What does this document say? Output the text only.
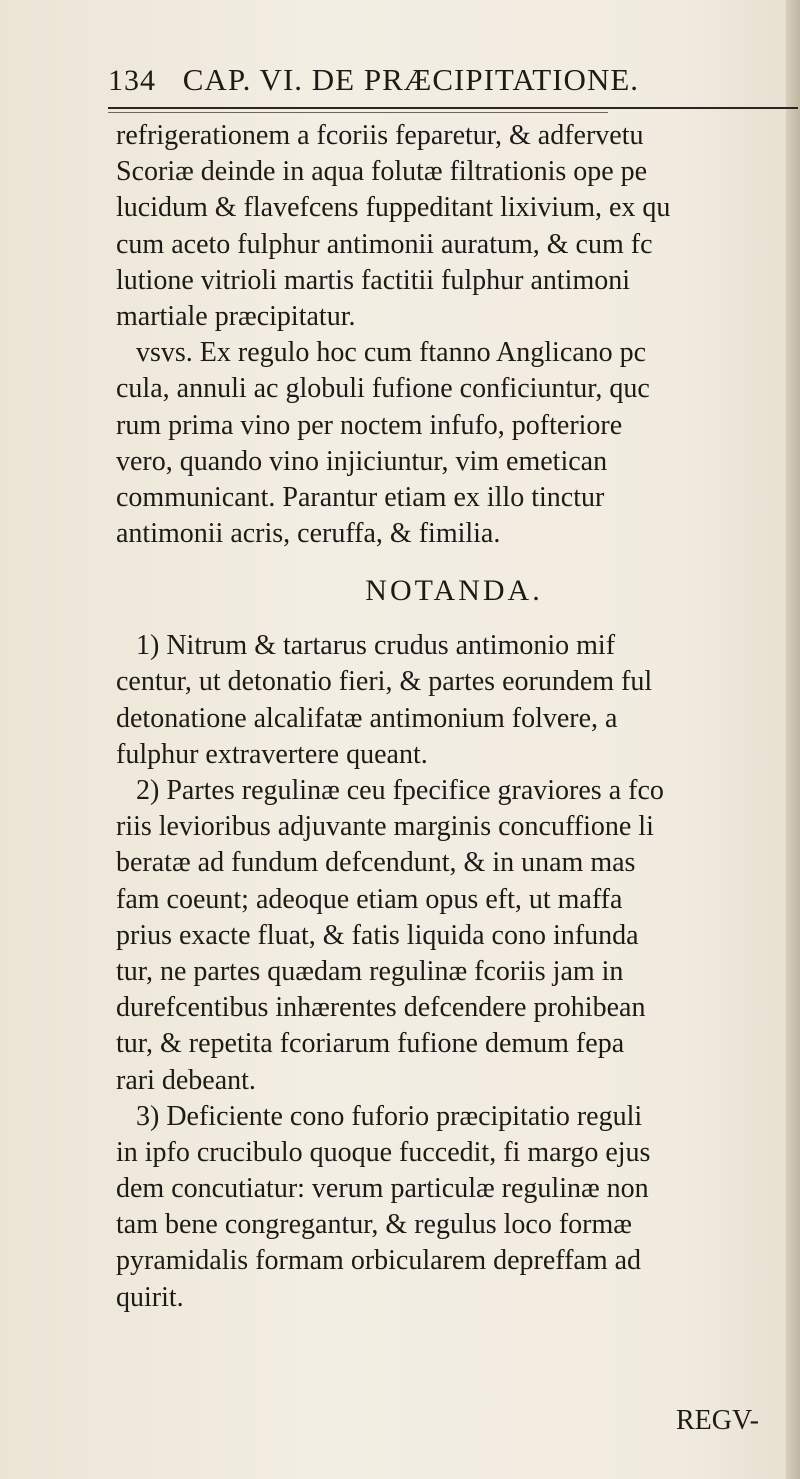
134 CAP. VI. DE PRÆCIPITATIONE.
refrigerationem a fcoriis feparetur, & adfervetu
Scoriæ deinde in aqua folutæ filtrationis ope pe
lucidum & flavefcens fuppeditant lixivium, ex qu
cum aceto fulphur antimonii auratum, & cum fc
lutione vitrioli martis factitii fulphur antimoni
martiale præcipitatur.
vsvs. Ex regulo hoc cum ftanno Anglicano pc
cula, annuli ac globuli fufione conficiuntur, quc
rum prima vino per noctem infufo, pofteriore
vero, quando vino injiciuntur, vim emetican
communicant. Parantur etiam ex illo tinctur
antimonii acris, ceruffa, & fimilia.
NOTANDA.
1) Nitrum & tartarus crudus antimonio mif
centur, ut detonatio fieri, & partes eorundem ful
detonatione alcalifatæ antimonium folvere, a
fulphur extravertere queant.
2) Partes regulinæ ceu fpecifice graviores a fco
riis levioribus adjuvante marginis concuffione li
beratæ ad fundum defcendunt, & in unam mas
fam coeunt; adeoque etiam opus eft, ut maffa
prius exacte fluat, & fatis liquida cono infunda
tur, ne partes quædam regulinæ fcoriis jam in
durefcentibus inhærentes defcendere prohibean
tur, & repetita fcoriarum fufione demum fepa
rari debeant.
3) Deficiente cono fuforio præcipitatio reguli
in ipfo crucibulo quoque fuccedit, fi margo ejus
dem concutiatur: verum particulæ regulinæ non
tam bene congregantur, & regulus loco formæ
pyramidalis formam orbicularem depreffam ad
quirit.
REGV-
